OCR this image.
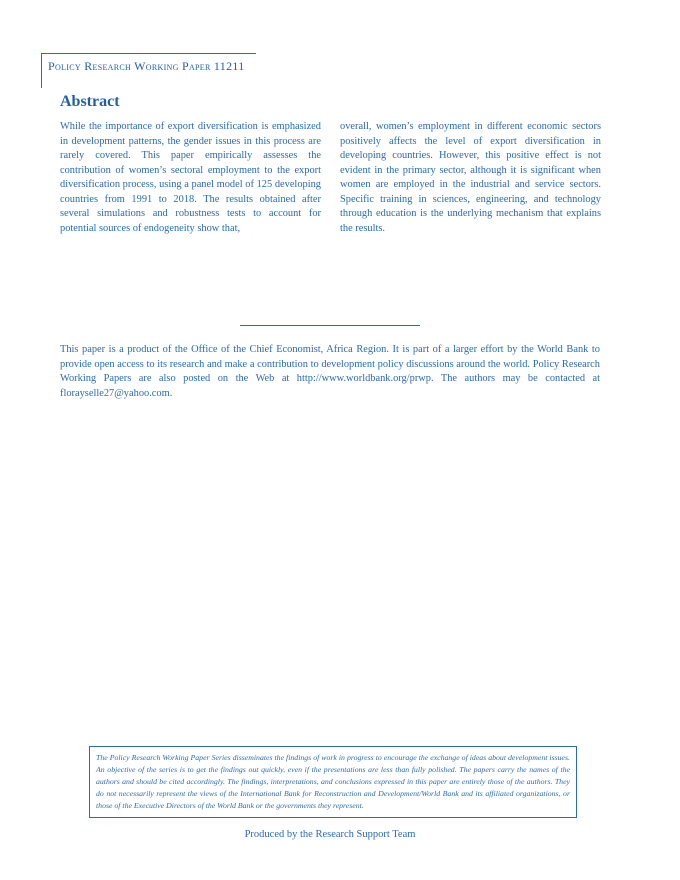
Policy Research Working Paper 11211
Abstract

While the importance of export diversification is emphasized in development patterns, the gender issues in this process are rarely covered. This paper empirically assesses the contribution of women’s sectoral employment to the export diversification process, using a panel model of 125 developing countries from 1991 to 2018. The results obtained after several simulations and robustness tests to account for potential sources of endogeneity show that,

overall, women’s employment in different economic sectors positively affects the level of export diversification in developing countries. However, this positive effect is not evident in the primary sector, although it is significant when women are employed in the industrial and service sectors. Specific training in sciences, engineering, and technology through education is the underlying mechanism that explains the results.

This paper is a product of the Office of the Chief Economist, Africa Region. It is part of a larger effort by the World Bank to provide open access to its research and make a contribution to development policy discussions around the world. Policy Research Working Papers are also posted on the Web at http://www.worldbank.org/prwp. The authors may be contacted at florayselle27@yahoo.com.

The Policy Research Working Paper Series disseminates the findings of work in progress to encourage the exchange of ideas about development issues. An objective of the series is to get the findings out quickly, even if the presentations are less than fully polished. The papers carry the names of the authors and should be cited accordingly. The findings, interpretations, and conclusions expressed in this paper are entirely those of the authors. They do not necessarily represent the views of the International Bank for Reconstruction and Development/World Bank and its affiliated organizations, or those of the Executive Directors of the World Bank or the governments they represent.
Produced by the Research Support Team
